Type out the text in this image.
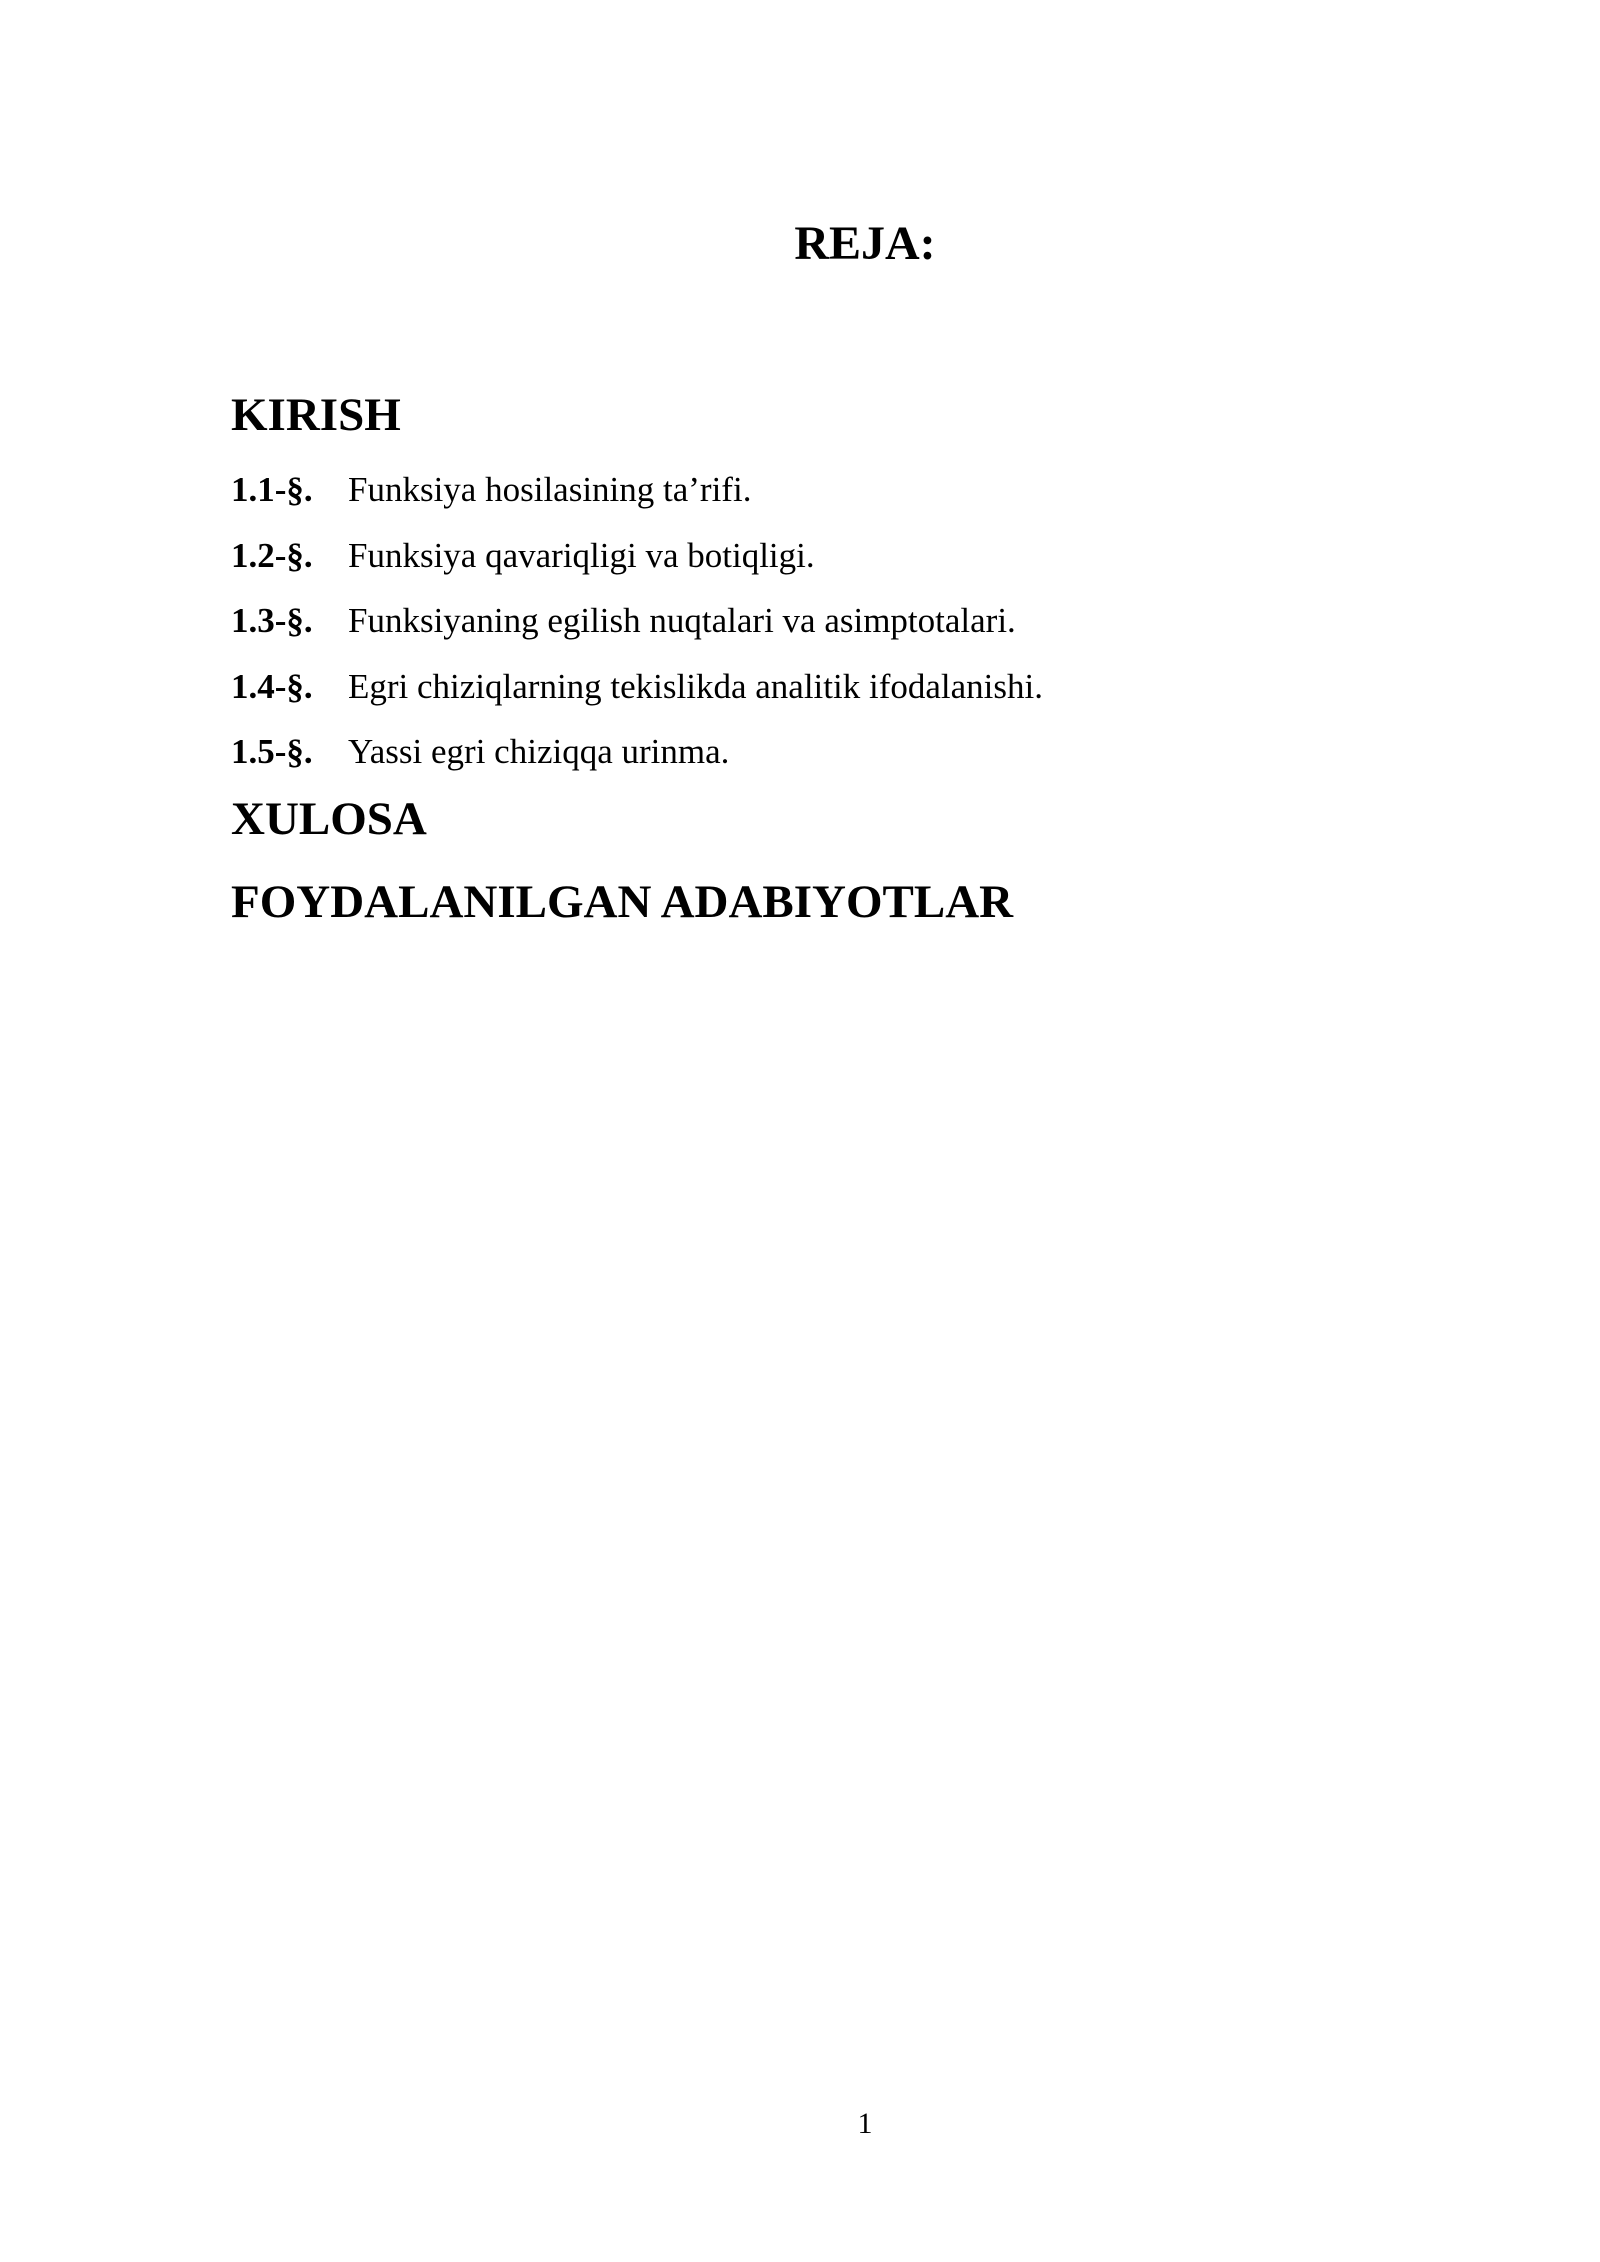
REJA:
KIRISH
1.1-§.	Funksiya hosilasining ta’rifi.
1.2-§.	Funksiya qavariqligi va botiqligi.
1.3-§.	Funksiyaning egilish nuqtalari va asimptotalari.
1.4-§.	Egri chiziqlarning tekislikda analitik ifodalanishi.
1.5-§.	Yassi egri chiziqqa urinma.
XULOSA
FOYDALANILGAN ADABIYOTLAR
1
